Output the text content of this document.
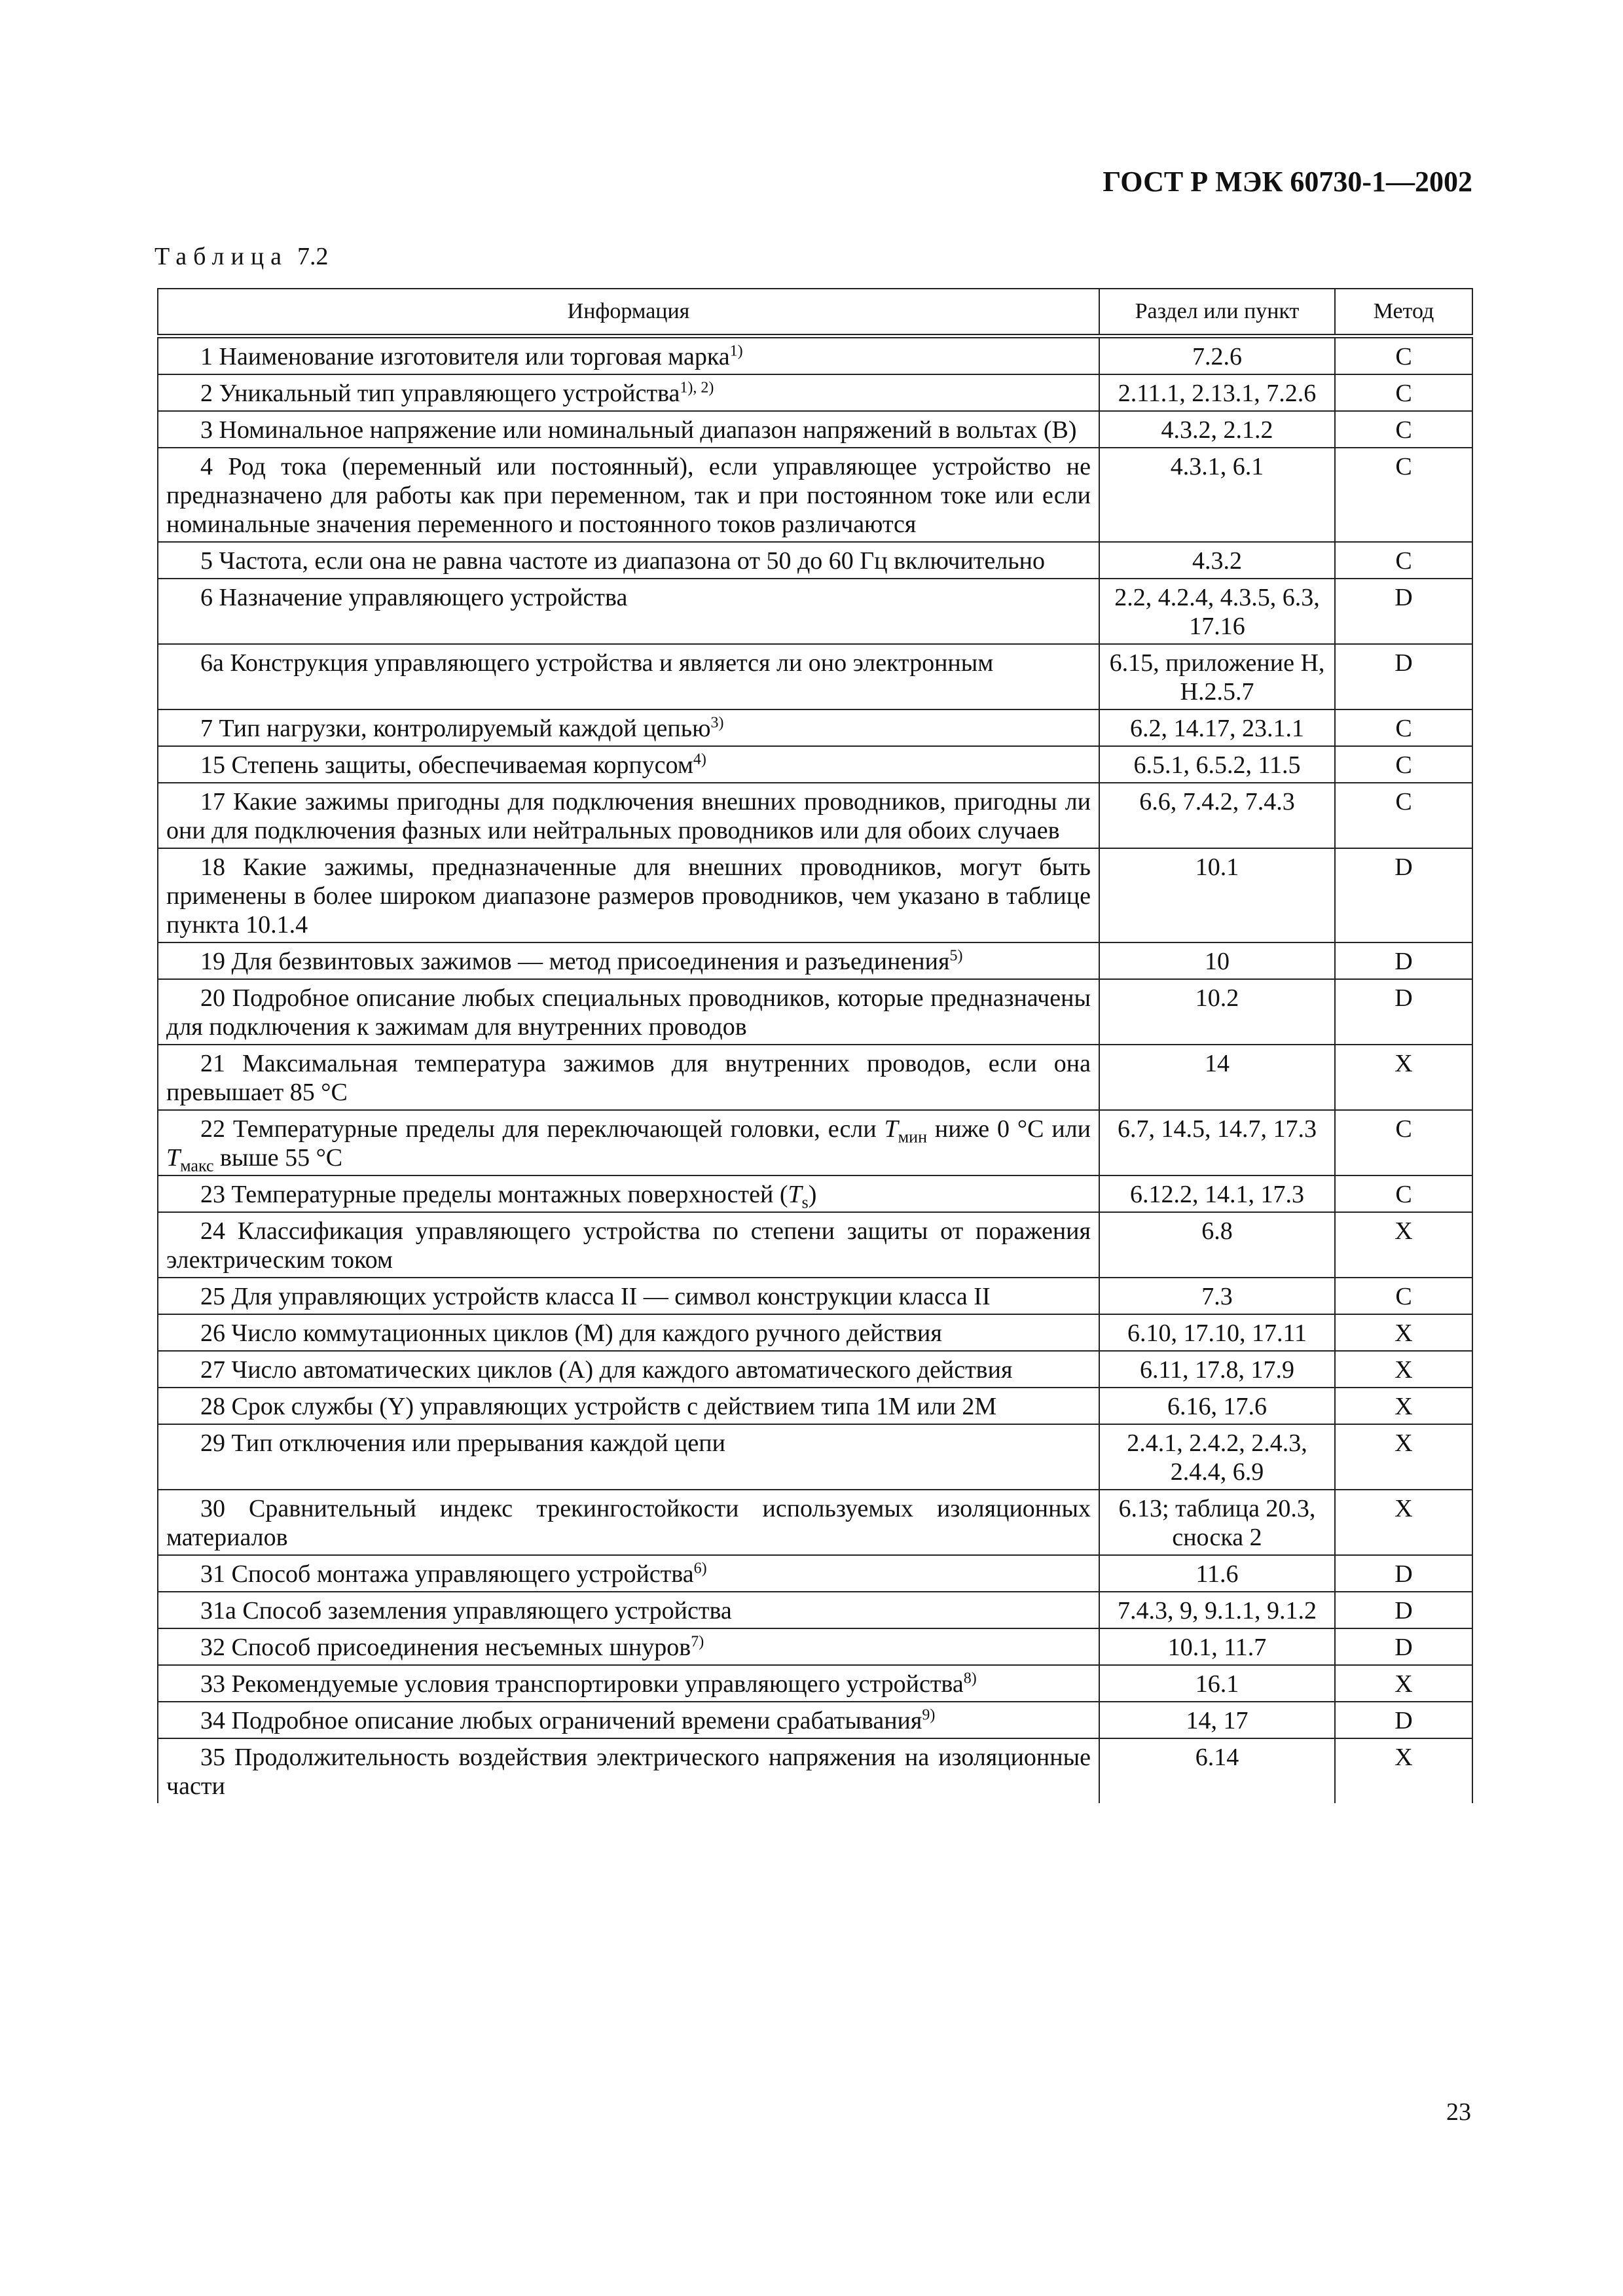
ГОСТ Р МЭК 60730-1—2002
Таблица 7.2
Информация	Раздел или пункт	Метод
1 Наименование изготовителя или торговая марка$^{1)}$	7.2.6	C
2 Уникальный тип управляющего устройства$^{1), 2)}$	2.11.1, 2.13.1, 7.2.6	C
3 Номинальное напряжение или номинальный диапазон напряжений в вольтах (В)	4.3.2, 2.1.2	C
4 Род тока (переменный или постоянный), если управляющее устройство не предназначено для работы как при переменном, так и при постоянном токе или если номинальные значения переменного и постоянного токов различаются	4.3.1, 6.1	C
5 Частота, если она не равна частоте из диапазона от 50 до 60 Гц включительно	4.3.2	C
6 Назначение управляющего устройства	2.2, 4.2.4, 4.3.5, 6.3, 17.16	D
6а Конструкция управляющего устройства и является ли оно электронным	6.15, приложение Н, Н.2.5.7	D
7 Тип нагрузки, контролируемый каждой цепью$^{3)}$	6.2, 14.17, 23.1.1	C
15 Степень защиты, обеспечиваемая корпусом$^{4)}$	6.5.1, 6.5.2, 11.5	C
17 Какие зажимы пригодны для подключения внешних проводников, пригодны ли они для подключения фазных или нейтральных проводников или для обоих случаев	6.6, 7.4.2, 7.4.3	C
18 Какие зажимы, предназначенные для внешних проводников, могут быть применены в более широком диапазоне размеров проводников, чем указано в таблице пункта 10.1.4	10.1	D
19 Для безвинтовых зажимов — метод присоединения и разъединения$^{5)}$	10	D
20 Подробное описание любых специальных проводников, которые предназначены для подключения к зажимам для внутренних проводов	10.2	D
21 Максимальная температура зажимов для внутренних проводов, если она превышает 85 °С	14	X
22 Температурные пределы для переключающей головки, если $T_{мин}$ ниже 0 °С или $T_{макс}$ выше 55 °С	6.7, 14.5, 14.7, 17.3	C
23 Температурные пределы монтажных поверхностей $(T_s)$	6.12.2, 14.1, 17.3	C
24 Классификация управляющего устройства по степени защиты от поражения электрическим током	6.8	X
25 Для управляющих устройств класса II — символ конструкции класса II	7.3	C
26 Число коммутационных циклов (М) для каждого ручного действия	6.10, 17.10, 17.11	X
27 Число автоматических циклов (А) для каждого автоматического действия	6.11, 17.8, 17.9	X
28 Срок службы (Y) управляющих устройств с действием типа 1М или 2М	6.16, 17.6	X
29 Тип отключения или прерывания каждой цепи	2.4.1, 2.4.2, 2.4.3, 2.4.4, 6.9	X
30 Сравнительный индекс трекингостойкости используемых изоляционных материалов	6.13; таблица 20.3, сноска 2	X
31 Способ монтажа управляющего устройства$^{6)}$	11.6	D
31а Способ заземления управляющего устройства	7.4.3, 9, 9.1.1, 9.1.2	D
32 Способ присоединения несъемных шнуров$^{7)}$	10.1, 11.7	D
33 Рекомендуемые условия транспортировки управляющего устройства$^{8)}$	16.1	X
34 Подробное описание любых ограничений времени срабатывания$^{9)}$	14, 17	D
35 Продолжительность воздействия электрического напряжения на изоляционные части	6.14	X
23
